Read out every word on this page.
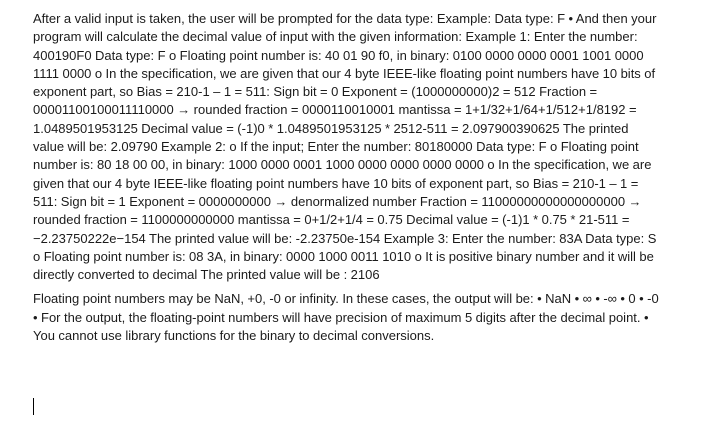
After a valid input is taken, the user will be prompted for the data type: Example: Data type: F • And then your program will calculate the decimal value of input with the given information: Example 1: Enter the number: 400190F0 Data type: F o Floating point number is: 40 01 90 f0, in binary: 0100 0000 0000 0001 1001 0000 1111 0000 o In the specification, we are given that our 4 byte IEEE-like floating point numbers have 10 bits of exponent part, so Bias = 210-1 – 1 = 511: Sign bit = 0 Exponent = (1000000000)2 = 512 Fraction = 00001100100011110000 → rounded fraction = 0000110010001 mantissa = 1+1/32+1/64+1/512+1/8192 = 1.0489501953125 Decimal value = (-1)0 * 1.0489501953125 * 2512-511 = 2.097900390625 The printed value will be: 2.09790 Example 2: o If the input; Enter the number: 80180000 Data type: F o Floating point number is: 80 18 00 00, in binary: 1000 0000 0001 1000 0000 0000 0000 0000 o In the specification, we are given that our 4 byte IEEE-like floating point numbers have 10 bits of exponent part, so Bias = 210-1 – 1 = 511: Sign bit = 1 Exponent = 0000000000 → denormalized number Fraction = 11000000000000000000 → rounded fraction = 1100000000000 mantissa = 0+1/2+1/4 = 0.75 Decimal value = (-1)1 * 0.75 * 21-511 = −2.23750222e−154 The printed value will be: -2.23750e-154 Example 3: Enter the number: 83A Data type: S o Floating point number is: 08 3A, in binary: 0000 1000 0011 1010 o It is positive binary number and it will be directly converted to decimal The printed value will be : 2106

Floating point numbers may be NaN, +0, -0 or infinity. In these cases, the output will be: • NaN • ∞ • -∞ • 0 • -0 • For the output, the floating-point numbers will have precision of maximum 5 digits after the decimal point. • You cannot use library functions for the binary to decimal conversions.
